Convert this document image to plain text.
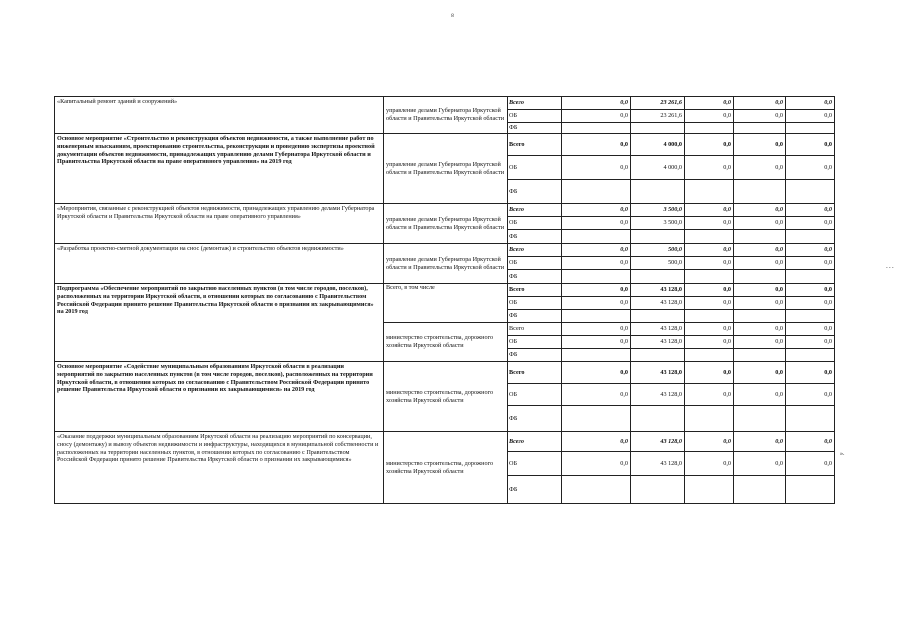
8
- - -
«Капитальный ремонт зданий и сооружений»	управление делами Губернатора Иркутской области и Правительства Иркутской области	Всего	0,0	23 261,6	0,0	0,0	0,0
		ОБ	0,0	23 261,6	0,0	0,0	0,0
		ФБ					
Основное мероприятие «Строительство и реконструкция объектов недвижимости, а также выполнение работ по инженерным изысканиям, проектированию строительства, реконструкции и проведению экспертизы проектной документации объектов недвижимости, принадлежащих управлению делами Губернатора Иркутской области и Правительства Иркутской области на праве оперативного управления» на 2019 год	управление делами Губернатора Иркутской области и Правительства Иркутской области	Всего	0,0	4 000,0	0,0	0,0	0,0
		ОБ	0,0	4 000,0	0,0	0,0	0,0
		ФБ					
«Мероприятия, связанные с реконструкцией объектов недвижимости, принадлежащих управлению делами Губернатора Иркутской области и Правительства Иркутской области на праве оперативного управления»	управление делами Губернатора Иркутской области и Правительства Иркутской области	Всего	0,0	3 500,0	0,0	0,0	0,0
		ОБ	0,0	3 500,0	0,0	0,0	0,0
		ФБ					
«Разработка проектно-сметной документации на снос (демонтаж) и строительство объектов недвижимости»	управление делами Губернатора Иркутской области и Правительства Иркутской области	Всего	0,0	500,0	0,0	0,0	0,0
		ОБ	0,0	500,0	0,0	0,0	0,0
		ФБ					
Подпрограмма «Обеспечение мероприятий по закрытию населенных пунктов (в том числе городов, поселков), расположенных на территории Иркутской области, в отношении которых по согласованию с Правительством Российской Федерации принято решение Правительства Иркутской области о признании их закрывающимися» на 2019 год	Всего, в том числе	Всего	0,0	43 128,0	0,0	0,0	0,0
		ОБ	0,0	43 128,0	0,0	0,0	0,0
		ФБ					
	министерство строительства, дорожного хозяйства Иркутской области	Всего	0,0	43 128,0	0,0	0,0	0,0
		ОБ	0,0	43 128,0	0,0	0,0	0,0
		ФБ					
Основное мероприятие «Содействие муниципальным образованиям Иркутской области в реализации мероприятий по закрытию населенных пунктов (в том числе городов, поселков), расположенных на территории Иркутской области, в отношении которых по согласованию с Правительством Российской Федерации принято решение Правительства Иркутской области о признании их закрывающимися» на 2019 год	министерство строительства, дорожного хозяйства Иркутской области	Всего	0,0	43 128,0	0,0	0,0	0,0
		ОБ	0,0	43 128,0	0,0	0,0	0,0
		ФБ					
«Оказание поддержки муниципальным образованиям Иркутской области на реализацию мероприятий по консервации, сносу (демонтажу) и вывозу объектов недвижимости и инфраструктуры, находящихся в муниципальной собственности и расположенных на территории населенных пунктов, в отношении которых по согласованию с Правительством Российской Федерации принято решение Правительства Иркутской области о признании их закрывающимися»	министерство строительства, дорожного хозяйства Иркутской области	Всего	0,0	43 128,0	0,0	0,0	0,0
		ОБ	0,0	43 128,0	0,0	0,0	0,0
		ФБ					
».
